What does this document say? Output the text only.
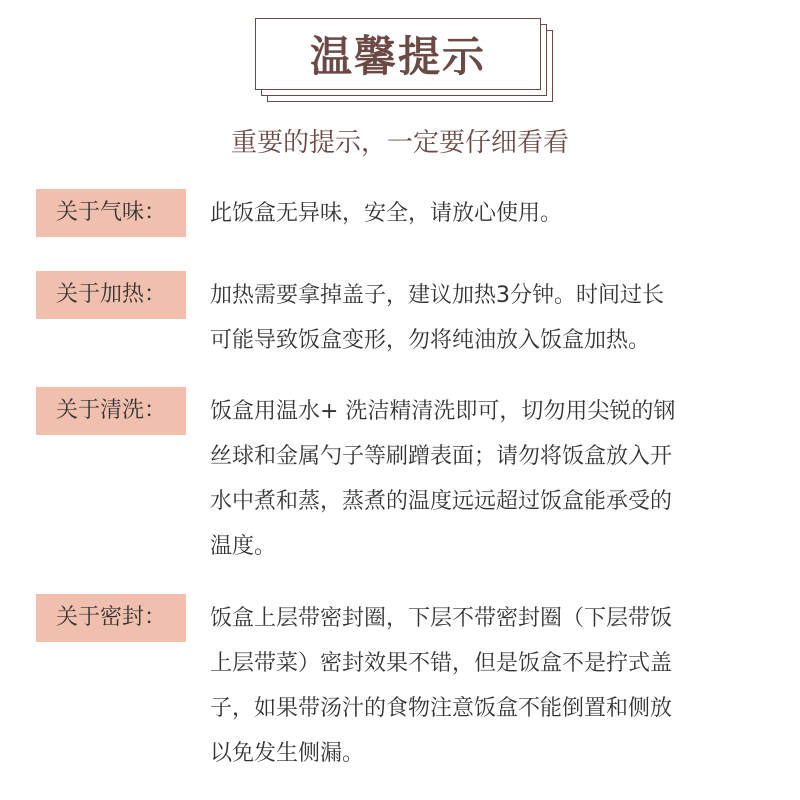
温馨提示
重要的提示，一定要仔细看看
关于气味：	此饭盒无异味，安全，请放心使用。
关于加热：	加热需要拿掉盖子，建议加热3分钟。时间过长
可能导致饭盒变形，勿将纯油放入饭盒加热。
关于清洗：	饭盒用温水+ 洗洁精清洗即可，切勿用尖锐的钢
丝球和金属勺子等刷蹭表面；请勿将饭盒放入开
水中煮和蒸，蒸煮的温度远远超过饭盒能承受的
温度。
关于密封：	饭盒上层带密封圈，下层不带密封圈（下层带饭
上层带菜）密封效果不错，但是饭盒不是拧式盖
子，如果带汤汁的食物注意饭盒不能倒置和侧放
以免发生侧漏。
